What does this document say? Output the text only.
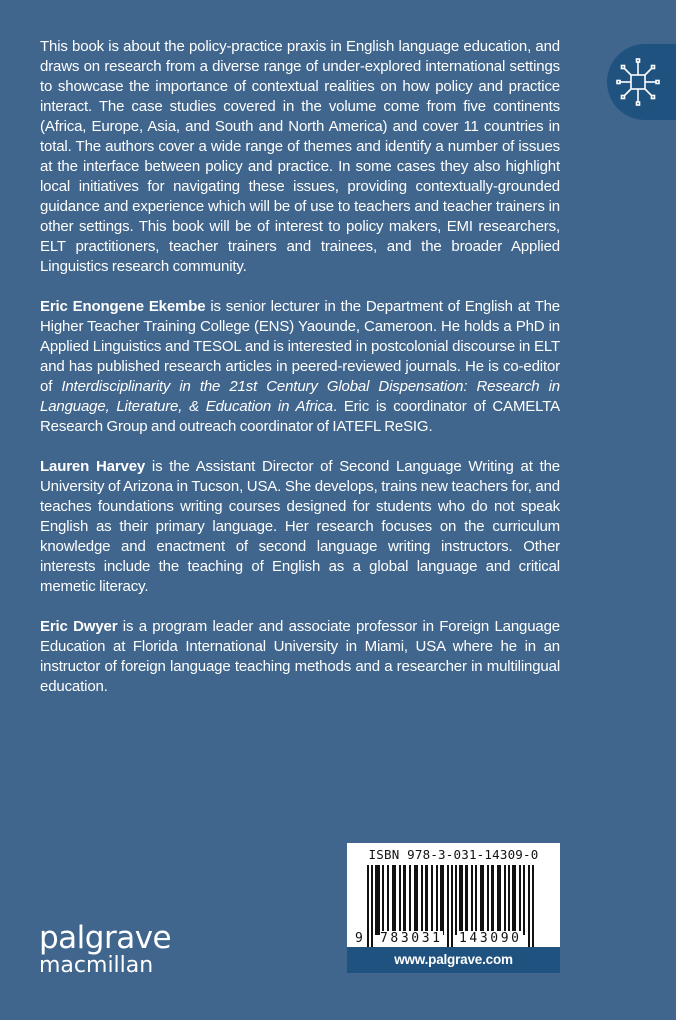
This book is about the policy-practice praxis in English language education, and draws on research from a diverse range of under-explored international settings to showcase the importance of contextual realities on how policy and practice interact. The case studies covered in the volume come from five continents (Africa, Europe, Asia, and South and North America) and cover 11 countries in total. The authors cover a wide range of themes and identify a number of issues at the interface between policy and practice. In some cases they also highlight local initiatives for navigating these issues, providing contextually-grounded guidance and experience which will be of use to teachers and teacher trainers in other settings. This book will be of interest to policy makers, EMI researchers, ELT practitioners, teacher trainers and trainees, and the broader Applied Linguistics research community.

Eric Enongene Ekembe is senior lecturer in the Department of English at The Higher Teacher Training College (ENS) Yaounde, Cameroon. He holds a PhD in Applied Linguistics and TESOL and is interested in postcolonial discourse in ELT and has published research articles in peered-reviewed journals. He is co-editor of Interdisciplinarity in the 21st Century Global Dispensation: Research in Language, Literature, & Education in Africa. Eric is coordinator of CAMELTA Research Group and outreach coordinator of IATEFL ReSIG.

Lauren Harvey is the Assistant Director of Second Language Writing at the University of Arizona in Tucson, USA. She develops, trains new teachers for, and teaches foundations writing courses designed for students who do not speak English as their primary language. Her research focuses on the curriculum knowledge and enactment of second language writing instructors. Other interests include the teaching of English as a global language and critical memetic literacy.

Eric Dwyer is a program leader and associate professor in Foreign Language Education at Florida International University in Miami, USA where he in an instructor of foreign language teaching methods and a researcher in multilingual education.

ISBN 978-3-031-14309-0
9 783031 143090
www.palgrave.com
palgrave
macmillan
